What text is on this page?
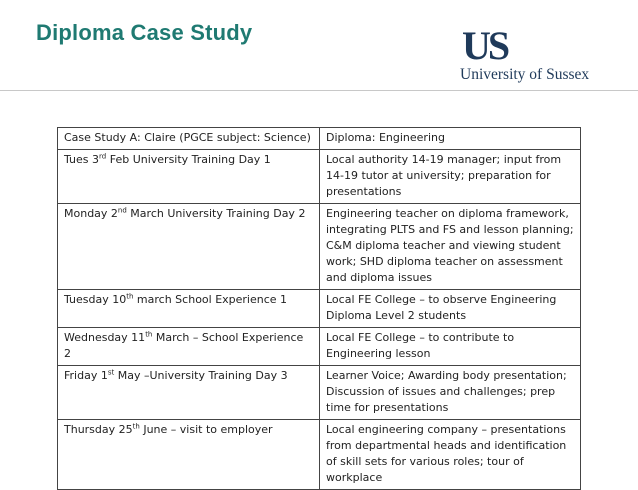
Diploma Case Study	US
University of Sussex
Case Study A: Claire (PGCE subject: Science)	Diploma: Engineering
Tues 3rd Feb University Training Day 1	Local authority 14-19 manager; input from 14-19 tutor at university; preparation for presentations
Monday 2nd March University Training Day 2	Engineering teacher on diploma framework, integrating PLTS and FS and lesson planning; C&M diploma teacher and viewing student work; SHD diploma teacher on assessment and diploma issues
Tuesday 10th march School Experience 1	Local FE College – to observe Engineering Diploma Level 2 students
Wednesday 11th March – School Experience 2	Local FE College – to contribute to Engineering lesson
Friday 1st May –University Training Day 3	Learner Voice; Awarding body presentation; Discussion of issues and challenges; prep time for presentations
Thursday 25th June – visit to employer	Local engineering company – presentations from departmental heads and identification of skill sets for various roles; tour of workplace
